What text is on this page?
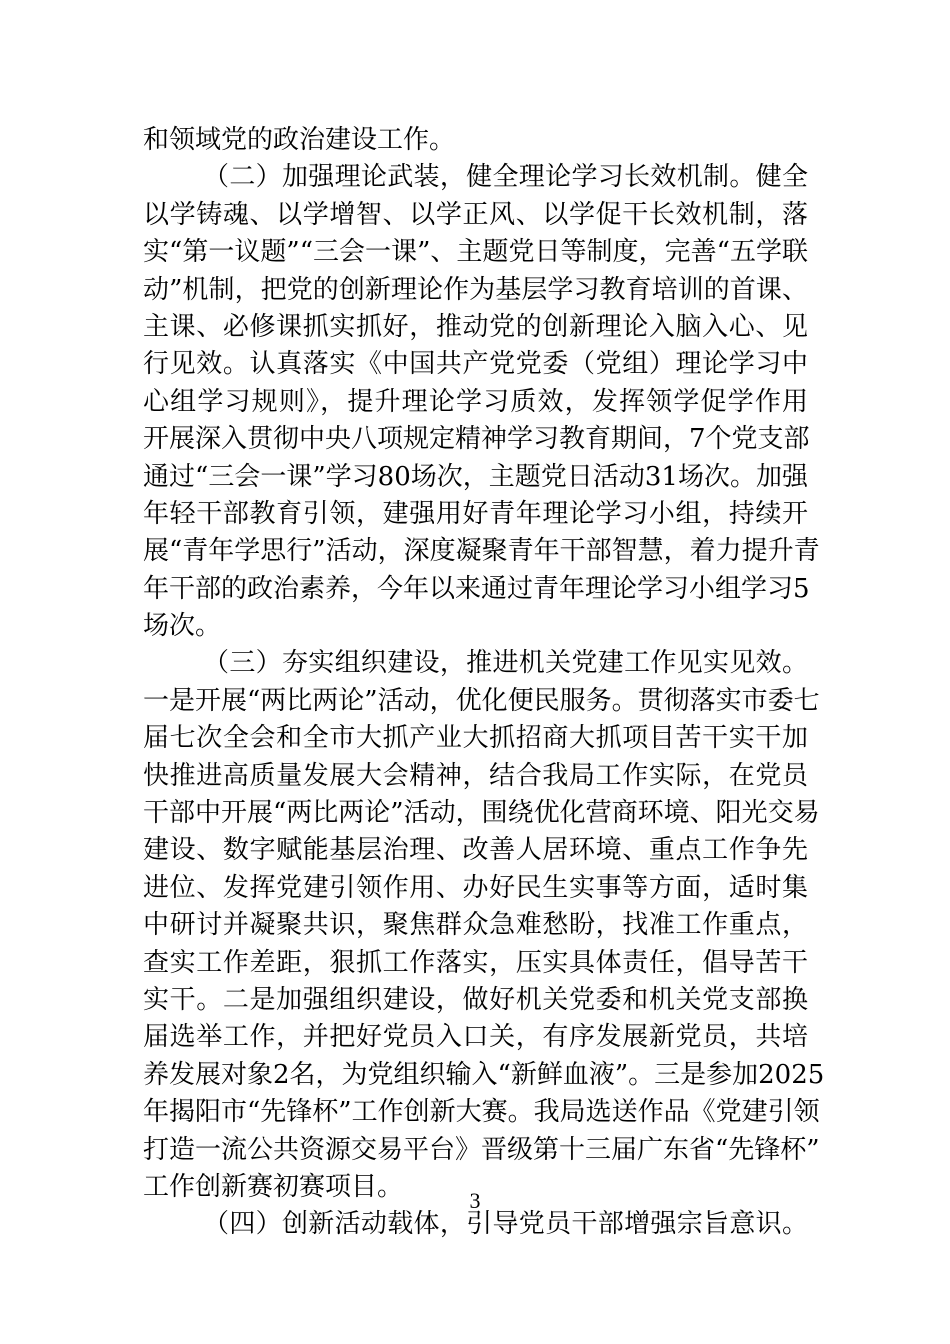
和领域党的政治建设工作。
（二）加强理论武装，健全理论学习长效机制。健全
以学铸魂、以学增智、以学正风、以学促干长效机制，落
实“第一议题”“三会一课”、主题党日等制度，完善“五学联
动”机制，把党的创新理论作为基层学习教育培训的首课、
主课、必修课抓实抓好，推动党的创新理论入脑入心、见
行见效。认真落实《中国共产党党委（党组）理论学习中
心组学习规则》，提升理论学习质效，发挥领学促学作用
开展深入贯彻中央八项规定精神学习教育期间，7个党支部
通过“三会一课”学习80场次，主题党日活动31场次。加强
年轻干部教育引领，建强用好青年理论学习小组，持续开
展“青年学思行”活动，深度凝聚青年干部智慧，着力提升青
年干部的政治素养，今年以来通过青年理论学习小组学习5
场次。
（三）夯实组织建设，推进机关党建工作见实见效。
一是开展“两比两论”活动，优化便民服务。贯彻落实市委七
届七次全会和全市大抓产业大抓招商大抓项目苦干实干加
快推进高质量发展大会精神，结合我局工作实际，在党员
干部中开展“两比两论”活动，围绕优化营商环境、阳光交易
建设、数字赋能基层治理、改善人居环境、重点工作争先
进位、发挥党建引领作用、办好民生实事等方面，适时集
中研讨并凝聚共识，聚焦群众急难愁盼，找准工作重点，
查实工作差距，狠抓工作落实，压实具体责任，倡导苦干
实干。二是加强组织建设，做好机关党委和机关党支部换
届选举工作，并把好党员入口关，有序发展新党员，共培
养发展对象2名，为党组织输入“新鲜血液”。三是参加2025
年揭阳市“先锋杯”工作创新大赛。我局选送作品《党建引领
打造一流公共资源交易平台》晋级第十三届广东省“先锋杯”
工作创新赛初赛项目。
（四）创新活动载体，引导党员干部增强宗旨意识。
3
